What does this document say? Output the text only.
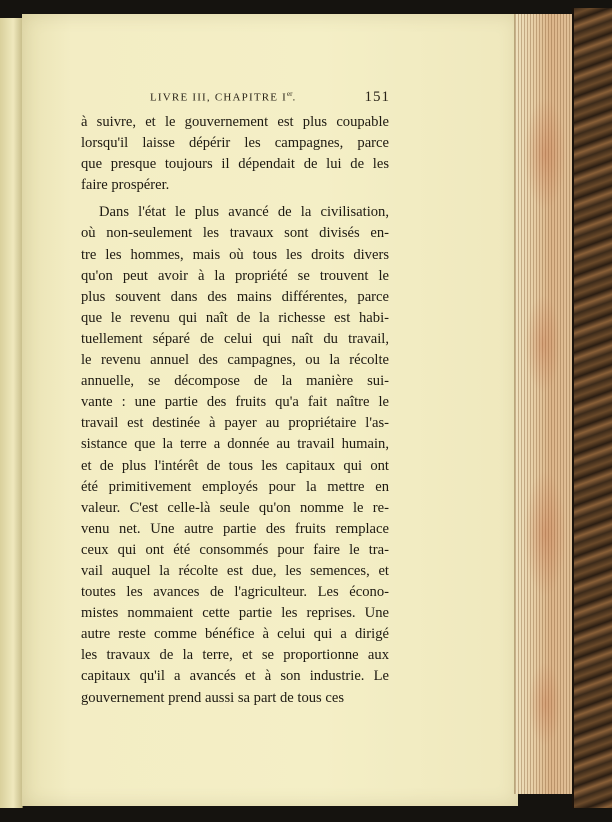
LIVRE III, CHAPITRE Ier.	151
à suivre, et le gouvernement est plus coupable
lorsqu'il laisse dépérir les campagnes, parce
que presque toujours il dépendait de lui de les
faire prospérer.
Dans l'état le plus avancé de la civilisation,
où non-seulement les travaux sont divisés en-
tre les hommes, mais où tous les droits divers
qu'on peut avoir à la propriété se trouvent le
plus souvent dans des mains différentes, parce
que le revenu qui naît de la richesse est habi-
tuellement séparé de celui qui naît du travail,
le revenu annuel des campagnes, ou la récolte
annuelle, se décompose de la manière sui-
vante : une partie des fruits qu'a fait naître le
travail est destinée à payer au propriétaire l'as-
sistance que la terre a donnée au travail humain,
et de plus l'intérêt de tous les capitaux qui ont
été primitivement employés pour la mettre en
valeur. C'est celle-là seule qu'on nomme le re-
venu net. Une autre partie des fruits remplace
ceux qui ont été consommés pour faire le tra-
vail auquel la récolte est due, les semences, et
toutes les avances de l'agriculteur. Les écono-
mistes nommaient cette partie les reprises. Une
autre reste comme bénéfice à celui qui a dirigé
les travaux de la terre, et se proportionne aux
capitaux qu'il a avancés et à son industrie. Le
gouvernement prend aussi sa part de tous ces
